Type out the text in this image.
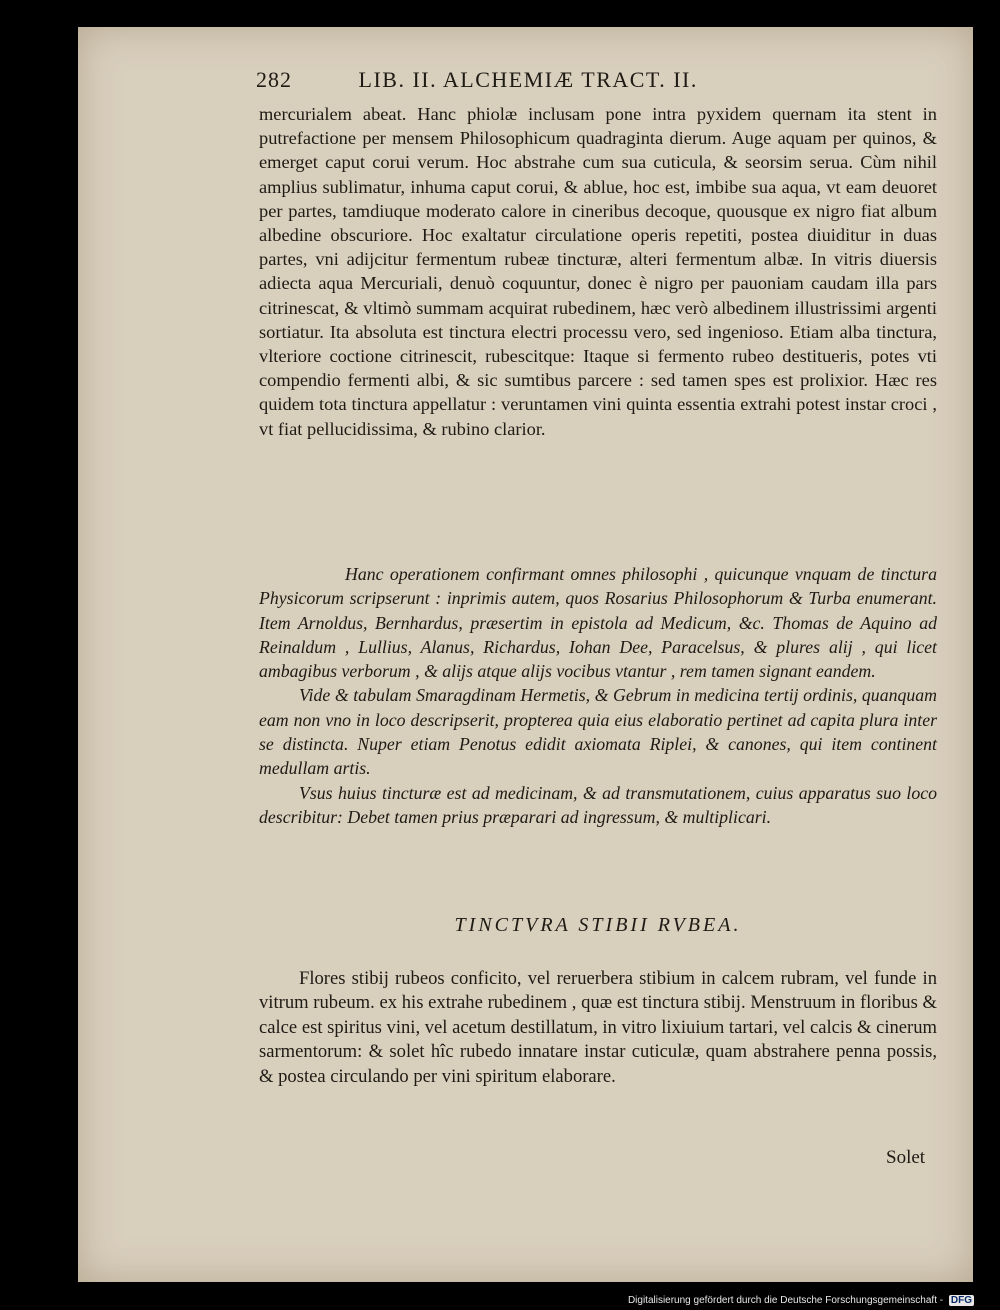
282	LIB. II. ALCHEMIÆ TRACT. II.

mercurialem abeat. Hanc phiolæ inclusam pone intra pyxidem quernam ita stent in putrefactione per mensem Philosophicum quadraginta dierum. Auge aquam per quinos, & emerget caput corui verum. Hoc abstrahe cum sua cuticula, & seorsim serua. Cùm nihil amplius sublimatur, inhuma caput corui, & ablue, hoc est, imbibe sua aqua, vt eam deuoret per partes, tamdiuque moderato calore in cineribus decoque, quousque ex nigro fiat album albedine obscuriore. Hoc exaltatur circulatione operis repetiti, postea diuiditur in duas partes, vni adijcitur fermentum rubeæ tincturæ, alteri fermentum albæ. In vitris diuersis adiecta aqua Mercuriali, denuò coquuntur, donec è nigro per pauoniam caudam illa pars citrinescat, & vltimò summam acquirat rubedinem, hæc verò albedinem illustrissimi argenti sortiatur. Ita absoluta est tinctura electri processu vero, sed ingenioso. Etiam alba tinctura, vlteriore coctione citrinescit, rubescitque: Itaque si fermento rubeo destitueris, potes vti compendio fermenti albi, & sic sumtibus parcere : sed tamen spes est prolixior. Hæc res quidem tota tinctura appellatur : veruntamen vini quinta essentia extrahi potest instar croci , vt fiat pellucidissima, & rubino clarior.

Hanc operationem confirmant omnes philosophi , quicunque vnquam de tinctura Physicorum scripserunt : inprimis autem, quos Rosarius Philosophorum & Turba enumerant. Item Arnoldus, Bernhardus, præsertim in epistola ad Medicum, &c. Thomas de Aquino ad Reinaldum , Lullius, Alanus, Richardus, Iohan Dee, Paracelsus, & plures alij , qui licet ambagibus verborum , & alijs atque alijs vocibus vtantur , rem tamen signant eandem.

Vide & tabulam Smaragdinam Hermetis, & Gebrum in medicina tertij ordinis, quanquam eam non vno in loco descripserit, propterea quia eius elaboratio pertinet ad capita plura inter se distincta. Nuper etiam Penotus edidit axiomata Riplei, & canones, qui item continent medullam artis.

Vsus huius tincturæ est ad medicinam, & ad transmutationem, cuius apparatus suo loco describitur: Debet tamen prius præparari ad ingressum, & multiplicari.

TINCTVRA STIBII RVBEA.

Flores stibij rubeos conficito, vel reruerbera stibium in calcem rubram, vel funde in vitrum rubeum. ex his extrahe rubedinem , quæ est tinctura stibij. Menstruum in floribus & calce est spiritus vini, vel acetum destillatum, in vitro lixiuium tartari, vel calcis & cinerum sarmentorum: & solet hîc rubedo innatare instar cuticulæ, quam abstrahere penna possis, & postea circulando per vini spiritum elaborare.

Solet
Digitalisierung gefördert durch die Deutsche Forschungsgemeinschaft - DFG
